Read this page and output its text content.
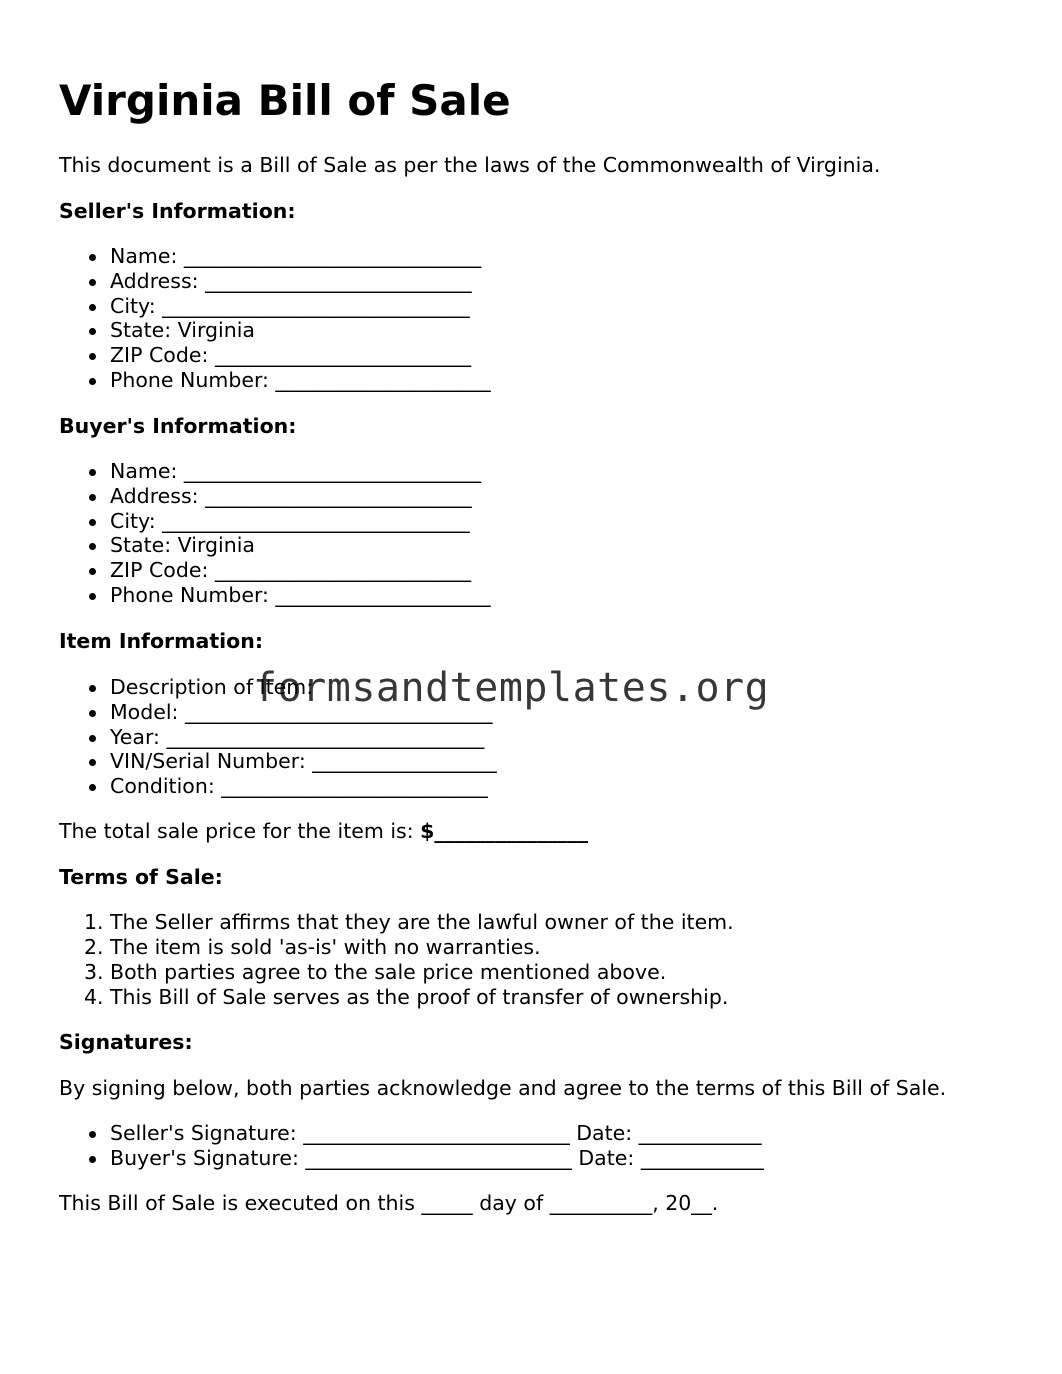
Virginia Bill of Sale
This document is a Bill of Sale as per the laws of the Commonwealth of Virginia.
Seller's Information:
Name: _____________________________
Address: __________________________
City: ______________________________
State: Virginia
ZIP Code: _________________________
Phone Number: _____________________
Buyer's Information:
Name: _____________________________
Address: __________________________
City: ______________________________
State: Virginia
ZIP Code: _________________________
Phone Number: _____________________
Item Information:
Description of Item:
Model: ______________________________
Year: _______________________________
VIN/Serial Number: __________________
Condition: __________________________
The total sale price for the item is: $_______________
Terms of Sale:
1. The Seller affirms that they are the lawful owner of the item.
2. The item is sold 'as-is' with no warranties.
3. Both parties agree to the sale price mentioned above.
4. This Bill of Sale serves as the proof of transfer of ownership.
Signatures:
By signing below, both parties acknowledge and agree to the terms of this Bill of Sale.
Seller's Signature: __________________________ Date: ____________
Buyer's Signature: __________________________ Date: ____________
This Bill of Sale is executed on this _____ day of __________, 20__.
formsandtemplates.org
